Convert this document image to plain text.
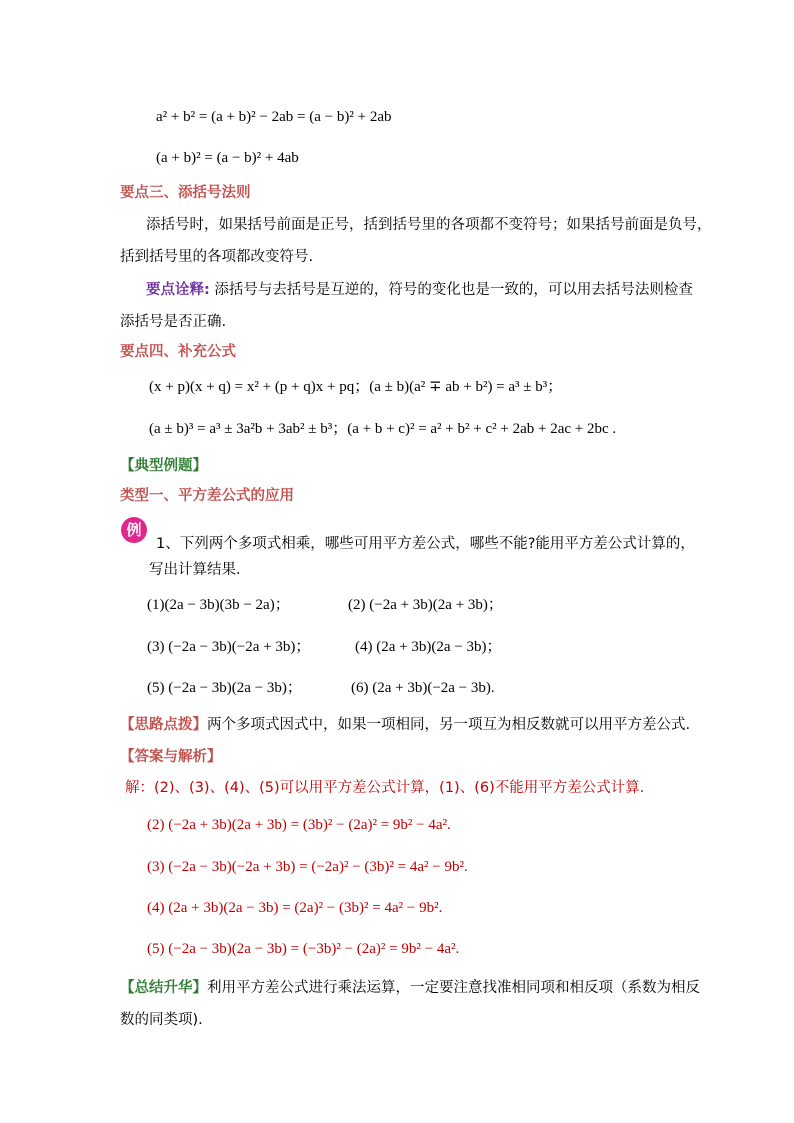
a² + b² = (a + b)² − 2ab = (a − b)² + 2ab
(a + b)² = (a − b)² + 4ab
要点三、添括号法则
添括号时，如果括号前面是正号，括到括号里的各项都不变符号；如果括号前面是负号，
括到括号里的各项都改变符号.
要点诠释: 添括号与去括号是互逆的，符号的变化也是一致的，可以用去括号法则检查
添括号是否正确.
要点四、补充公式
(x + p)(x + q) = x² + (p + q)x + pq；(a ± b)(a² ∓ ab + b²) = a³ ± b³；
(a ± b)³ = a³ ± 3a²b + 3ab² ± b³；(a + b + c)² = a² + b² + c² + 2ab + 2ac + 2bc .
【典型例题】
类型一、平方差公式的应用
例
1、下列两个多项式相乘，哪些可用平方差公式，哪些不能?能用平方差公式计算的，
写出计算结果．
(1)(2a − 3b)(3b − 2a)；	(2) (−2a + 3b)(2a + 3b)；
(3) (−2a − 3b)(−2a + 3b)；	(4) (2a + 3b)(2a − 3b)；
(5) (−2a − 3b)(2a − 3b)；	(6) (2a + 3b)(−2a − 3b).
【思路点拨】两个多项式因式中，如果一项相同，另一项互为相反数就可以用平方差公式.
【答案与解析】
解：(2)、(3)、(4)、(5)可以用平方差公式计算，(1)、(6)不能用平方差公式计算．
(2) (−2a + 3b)(2a + 3b) = (3b)² − (2a)² = 9b² − 4a².
(3) (−2a − 3b)(−2a + 3b) = (−2a)² − (3b)² = 4a² − 9b².
(4) (2a + 3b)(2a − 3b) = (2a)² − (3b)² = 4a² − 9b².
(5) (−2a − 3b)(2a − 3b) = (−3b)² − (2a)² = 9b² − 4a².
【总结升华】利用平方差公式进行乘法运算，一定要注意找准相同项和相反项（系数为相反
数的同类项).
